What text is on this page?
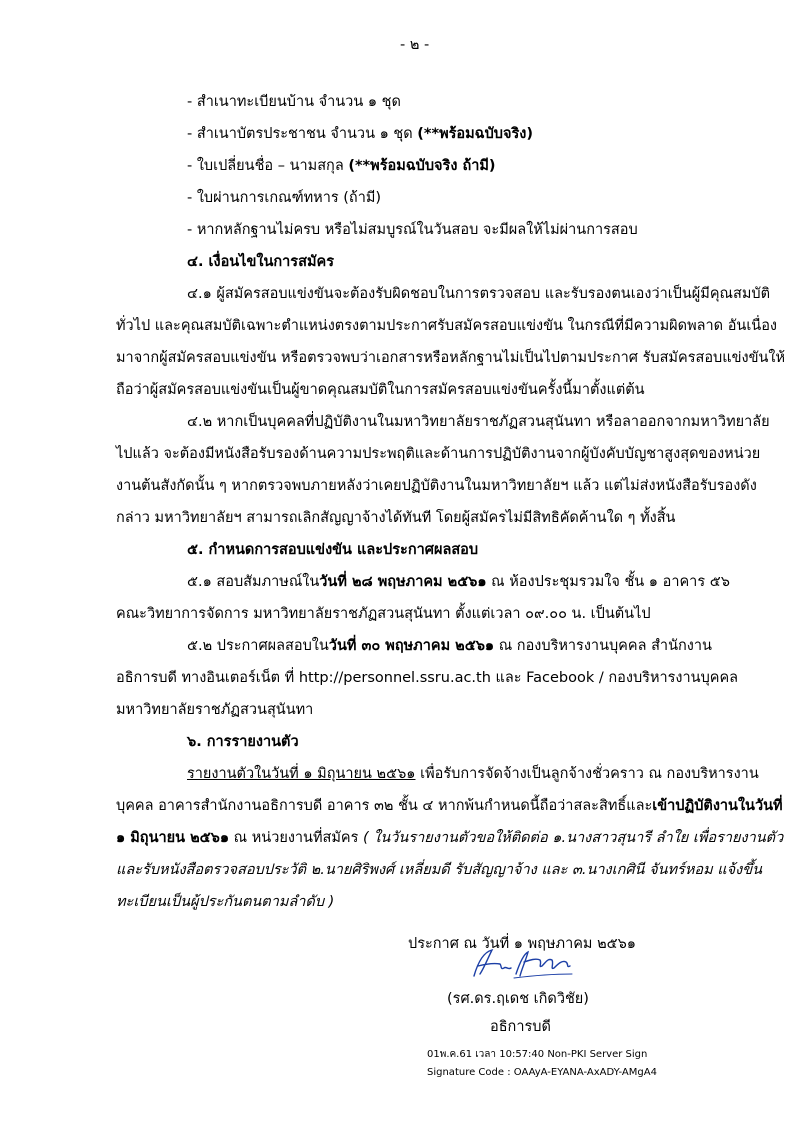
- ๒ -
- สำเนาทะเบียนบ้าน จำนวน ๑ ชุด
- สำเนาบัตรประชาชน จำนวน ๑ ชุด (**พร้อมฉบับจริง)
- ใบเปลี่ยนชื่อ – นามสกุล (**พร้อมฉบับจริง ถ้ามี)
- ใบผ่านการเกณฑ์ทหาร (ถ้ามี)
- หากหลักฐานไม่ครบ หรือไม่สมบูรณ์ในวันสอบ จะมีผลให้ไม่ผ่านการสอบ
๔. เงื่อนไขในการสมัคร
๔.๑ ผู้สมัครสอบแข่งขันจะต้องรับผิดชอบในการตรวจสอบ และรับรองตนเองว่าเป็นผู้มีคุณสมบัติ
ทั่วไป และคุณสมบัติเฉพาะตำแหน่งตรงตามประกาศรับสมัครสอบแข่งขัน ในกรณีที่มีความผิดพลาด อันเนื่อง
มาจากผู้สมัครสอบแข่งขัน หรือตรวจพบว่าเอกสารหรือหลักฐานไม่เป็นไปตามประกาศ รับสมัครสอบแข่งขันให้
ถือว่าผู้สมัครสอบแข่งขันเป็นผู้ขาดคุณสมบัติในการสมัครสอบแข่งขันครั้งนี้มาตั้งแต่ต้น
๔.๒ หากเป็นบุคคลที่ปฏิบัติงานในมหาวิทยาลัยราชภัฏสวนสุนันทา หรือลาออกจากมหาวิทยาลัย
ไปแล้ว จะต้องมีหนังสือรับรองด้านความประพฤติและด้านการปฏิบัติงานจากผู้บังคับบัญชาสูงสุดของหน่วย
งานต้นสังกัดนั้น ๆ หากตรวจพบภายหลังว่าเคยปฏิบัติงานในมหาวิทยาลัยฯ แล้ว แต่ไม่ส่งหนังสือรับรองดัง
กล่าว มหาวิทยาลัยฯ สามารถเลิกสัญญาจ้างได้ทันที โดยผู้สมัครไม่มีสิทธิคัดค้านใด ๆ ทั้งสิ้น
๕. กำหนดการสอบแข่งขัน และประกาศผลสอบ
๕.๑ สอบสัมภาษณ์ในวันที่ ๒๘ พฤษภาคม ๒๕๖๑ ณ ห้องประชุมรวมใจ ชั้น ๑ อาคาร ๕๖
คณะวิทยาการจัดการ มหาวิทยาลัยราชภัฏสวนสุนันทา ตั้งแต่เวลา ๐๙.๐๐ น. เป็นต้นไป
๕.๒ ประกาศผลสอบในวันที่ ๓๐ พฤษภาคม ๒๕๖๑ ณ กองบริหารงานบุคคล สำนักงาน
อธิการบดี ทางอินเตอร์เน็ต ที่ http://personnel.ssru.ac.th และ Facebook / กองบริหารงานบุคคล
มหาวิทยาลัยราชภัฏสวนสุนันทา
๖. การรายงานตัว
รายงานตัวในวันที่ ๑ มิถุนายน ๒๕๖๑ เพื่อรับการจัดจ้างเป็นลูกจ้างชั่วคราว ณ กองบริหารงาน
บุคคล อาคารสำนักงานอธิการบดี อาคาร ๓๒ ชั้น ๔ หากพ้นกำหนดนี้ถือว่าสละสิทธิ์และเข้าปฏิบัติงานในวันที่
๑ มิถุนายน ๒๕๖๑ ณ หน่วยงานที่สมัคร ( ในวันรายงานตัวขอให้ติดต่อ ๑.นางสาวสุนารี ลำใย เพื่อรายงานตัว
และรับหนังสือตรวจสอบประวัติ ๒.นายศิริพงศ์ เหลี่ยมดี รับสัญญาจ้าง และ ๓.นางเกศินี จันทร์หอม แจ้งขึ้น
ทะเบียนเป็นผู้ประกันตนตามลำดับ )
ประกาศ ณ วันที่ ๑ พฤษภาคม ๒๕๖๑
(รศ.ดร.ฤเดช เกิดวิชัย)
อธิการบดี
01พ.ค.61 เวลา 10:57:40 Non-PKI Server Sign
Signature Code : OAAyA-EYANA-AxADY-AMgA4
